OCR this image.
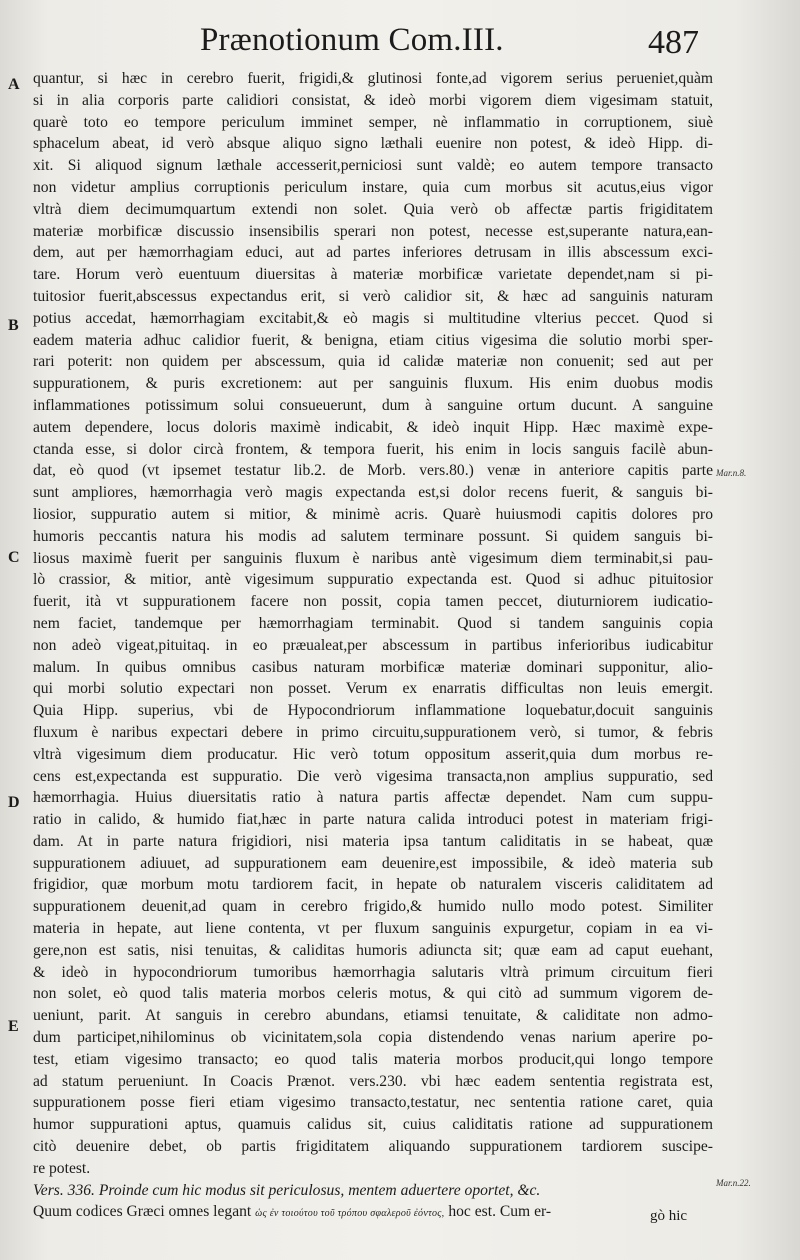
Prænotionum Com.III.	487
A
B
C
D
E
Mar.n.8.
Mar.n.22.
quantur, si hæc in cerebro fuerit, frigidi,& glutinosi fonte,ad vigorem serius perueniet,quàm
si in alia corporis parte calidiori consistat, & ideò morbi vigorem diem vigesimam statuit,
quarè toto eo tempore periculum imminet semper, nè inflammatio in corruptionem, siuè
sphacelum abeat, id verò absque aliquo signo læthali euenire non potest, & ideò Hipp. di-
xit. Si aliquod signum læthale accesserit,perniciosi sunt valdè; eo autem tempore transacto
non videtur amplius corruptionis periculum instare, quia cum morbus sit acutus,eius vigor
vltrà diem decimumquartum extendi non solet. Quia verò ob affectæ partis frigiditatem
materiæ morbificæ discussio insensibilis sperari non potest, necesse est,superante natura,ean-
dem, aut per hæmorrhagiam educi, aut ad partes inferiores detrusam in illis abscessum exci-
tare. Horum verò euentuum diuersitas à materiæ morbificæ varietate dependet,nam si pi-
tuitosior fuerit,abscessus expectandus erit, si verò calidior sit, & hæc ad sanguinis naturam
potius accedat, hæmorrhagiam excitabit,& eò magis si multitudine vlterius peccet. Quod si
eadem materia adhuc calidior fuerit, & benigna, etiam citius vigesima die solutio morbi sper-
rari poterit: non quidem per abscessum, quia id calidæ materiæ non conuenit; sed aut per
suppurationem, & puris excretionem: aut per sanguinis fluxum. His enim duobus modis
inflammationes potissimum solui consueuerunt, dum à sanguine ortum ducunt. A sanguine
autem dependere, locus doloris maximè indicabit, & ideò inquit Hipp. Hæc maximè expe-
ctanda esse, si dolor circà frontem, & tempora fuerit, his enim in locis sanguis facilè abun-
dat, eò quod (vt ipsemet testatur lib.2. de Morb. vers.80.) venæ in anteriore capitis parte
sunt ampliores, hæmorrhagia verò magis expectanda est,si dolor recens fuerit, & sanguis bi-
liosior, suppuratio autem si mitior, & minimè acris. Quarè huiusmodi capitis dolores pro
humoris peccantis natura his modis ad salutem terminare possunt. Si quidem sanguis bi-
liosus maximè fuerit per sanguinis fluxum è naribus antè vigesimum diem terminabit,si pau-
lò crassior, & mitior, antè vigesimum suppuratio expectanda est. Quod si adhuc pituitosior
fuerit, ità vt suppurationem facere non possit, copia tamen peccet, diuturniorem iudicatio-
nem faciet, tandemque per hæmorrhagiam terminabit. Quod si tandem sanguinis copia
non adeò vigeat,pituitaq. in eo præualeat,per abscessum in partibus inferioribus iudicabitur
malum. In quibus omnibus casibus naturam morbificæ materiæ dominari supponitur, alio-
qui morbi solutio expectari non posset. Verum ex enarratis difficultas non leuis emergit.
Quia Hipp. superius, vbi de Hypocondriorum inflammatione loquebatur,docuit sanguinis
fluxum è naribus expectari debere in primo circuitu,suppurationem verò, si tumor, & febris
vltrà vigesimum diem producatur. Hic verò totum oppositum asserit,quia dum morbus re-
cens est,expectanda est suppuratio. Die verò vigesima transacta,non amplius suppuratio, sed
hæmorrhagia. Huius diuersitatis ratio à natura partis affectæ dependet. Nam cum suppu-
ratio in calido, & humido fiat,hæc in parte natura calida introduci potest in materiam frigi-
dam. At in parte natura frigidiori, nisi materia ipsa tantum caliditatis in se habeat, quæ
suppurationem adiuuet, ad suppurationem eam deuenire,est impossibile, & ideò materia sub
frigidior, quæ morbum motu tardiorem facit, in hepate ob naturalem visceris caliditatem ad
suppurationem deuenit,ad quam in cerebro frigido,& humido nullo modo potest. Similiter
materia in hepate, aut liene contenta, vt per fluxum sanguinis expurgetur, copiam in ea vi-
gere,non est satis, nisi tenuitas, & caliditas humoris adiuncta sit; quæ eam ad caput euehant,
& ideò in hypocondriorum tumoribus hæmorrhagia salutaris vltrà primum circuitum fieri
non solet, eò quod talis materia morbos celeris motus, & qui citò ad summum vigorem de-
ueniunt, parit. At sanguis in cerebro abundans, etiamsi tenuitate, & caliditate non admo-
dum participet,nihilominus ob vicinitatem,sola copia distendendo venas narium aperire po-
test, etiam vigesimo transacto; eo quod talis materia morbos producit,qui longo tempore
ad statum perueniunt. In Coacis Prænot. vers.230. vbi hæc eadem sententia registrata est,
suppurationem posse fieri etiam vigesimo transacto,testatur, nec sententia ratione caret, quia
humor suppurationi aptus, quamuis calidus sit, cuius caliditatis ratione ad suppurationem
citò deuenire debet, ob partis frigiditatem aliquando suppurationem tardiorem suscipe-
re potest.
Vers. 336. Proinde cum hic modus sit periculosus, mentem aduertere oportet, &c.
Quum codices Græci omnes legant ὡς ἐν τοιούτου τοῦ τρόπου σφαλεροῦ ἐόντος, hoc est. Cum er-	gò hic
